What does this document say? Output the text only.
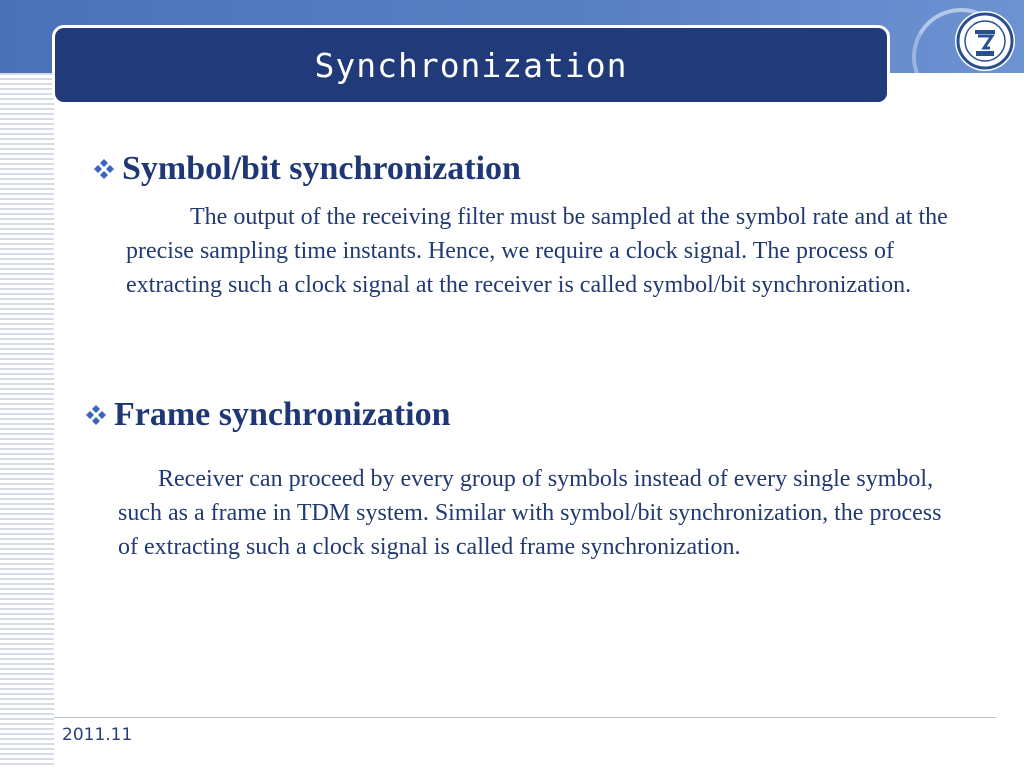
Synchronization
Symbol/bit synchronization
The output of the receiving filter must be sampled at the symbol rate and at the precise sampling time instants. Hence, we require a clock signal. The process of extracting such a clock signal at the receiver is called symbol/bit synchronization.
Frame synchronization
Receiver can proceed by every group of symbols instead of every single symbol, such as a frame in TDM system. Similar with symbol/bit synchronization, the process of extracting such a clock signal is called frame synchronization.
2011.11
